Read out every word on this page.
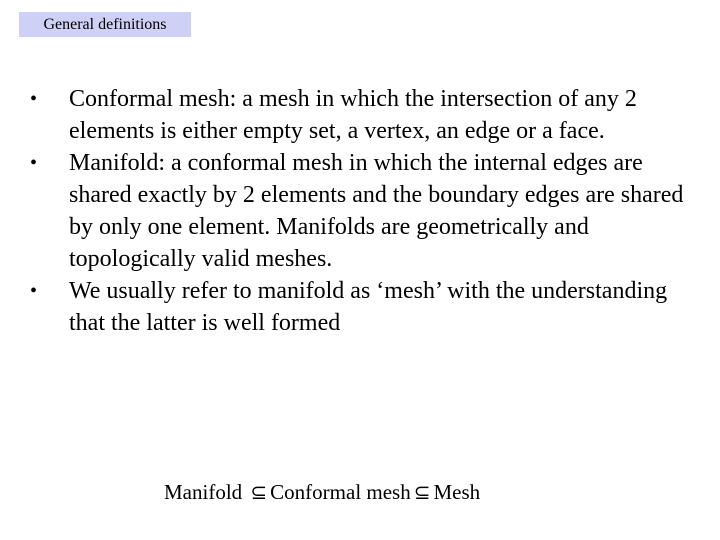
General definitions
• Conformal mesh: a mesh in which the intersection of any 2 elements is either empty set, a vertex, an edge or a face.
• Manifold: a conformal mesh in which the internal edges are shared exactly by 2 elements and the boundary edges are shared by only one element. Manifolds are geometrically and topologically valid meshes.
• We usually refer to manifold as ‘mesh’ with the understanding that the latter is well formed
Manifold ⊆ Conformal mesh ⊆ Mesh
